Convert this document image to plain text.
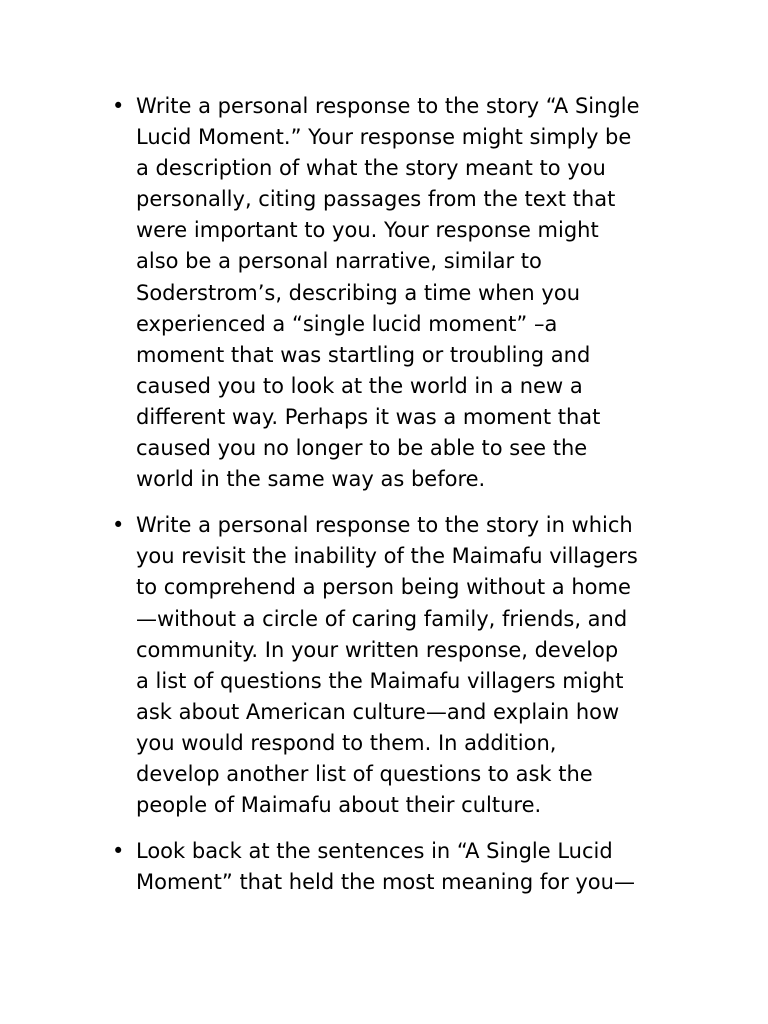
• Write a personal response to the story “A Single
Lucid Moment.” Your response might simply be
a description of what the story meant to you
personally, citing passages from the text that
were important to you. Your response might
also be a personal narrative, similar to
Soderstrom’s, describing a time when you
experienced a “single lucid moment” –a
moment that was startling or troubling and
caused you to look at the world in a new a
different way. Perhaps it was a moment that
caused you no longer to be able to see the
world in the same way as before.
• Write a personal response to the story in which
you revisit the inability of the Maimafu villagers
to comprehend a person being without a home
—without a circle of caring family, friends, and
community. In your written response, develop
a list of questions the Maimafu villagers might
ask about American culture—and explain how
you would respond to them. In addition,
develop another list of questions to ask the
people of Maimafu about their culture.
• Look back at the sentences in “A Single Lucid
Moment” that held the most meaning for you—
